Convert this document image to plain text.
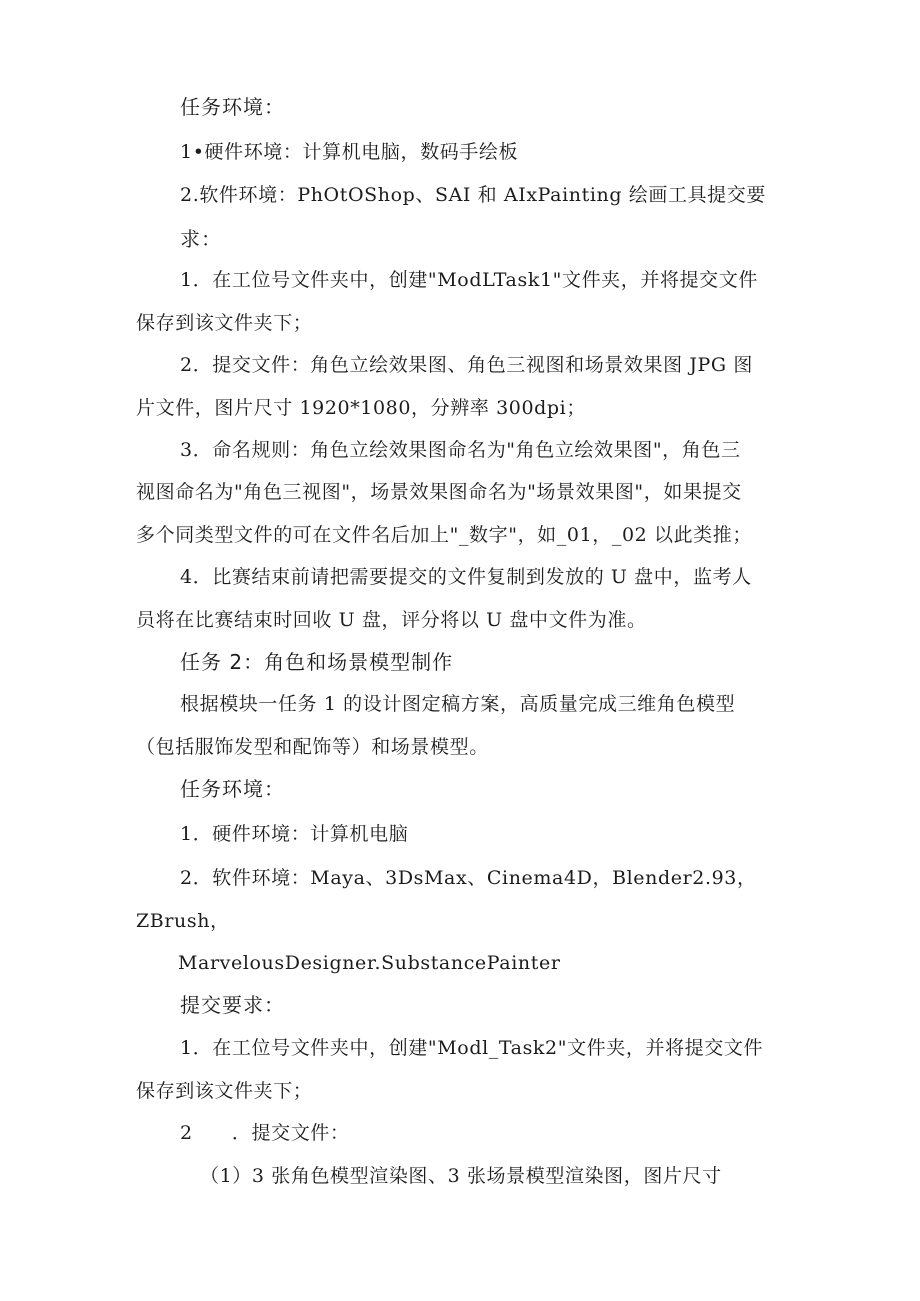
任务环境：

1•硬件环境：计算机电脑，数码手绘板

2.软件环境：PhOtOShop、SAI 和 AIxPainting 绘画工具提交要

求：

1．在工位号文件夹中，创建"ModLTask1"文件夹，并将提交文件

保存到该文件夹下；

2．提交文件：角色立绘效果图、角色三视图和场景效果图 JPG 图

片文件，图片尺寸 1920*1080，分辨率 300dpi；

3．命名规则：角色立绘效果图命名为"角色立绘效果图"，角色三

视图命名为"角色三视图"，场景效果图命名为"场景效果图"，如果提交

多个同类型文件的可在文件名后加上"_数字"，如_01，_02 以此类推；

4．比赛结束前请把需要提交的文件复制到发放的 U 盘中，监考人

员将在比赛结束时回收 U 盘，评分将以 U 盘中文件为准。

任务 2：角色和场景模型制作

根据模块一任务 1 的设计图定稿方案，高质量完成三维角色模型

（包括服饰发型和配饰等）和场景模型。

任务环境：

1．硬件环境：计算机电脑

2．软件环境：Maya、3DsMax、Cinema4D，Blender2.93，

ZBrush，

MarvelousDesigner.SubstancePainter

提交要求：

1．在工位号文件夹中，创建"Modl_Task2"文件夹，并将提交文件

保存到该文件夹下；

2　　．提交文件：

（1）3 张角色模型渲染图、3 张场景模型渲染图，图片尺寸
